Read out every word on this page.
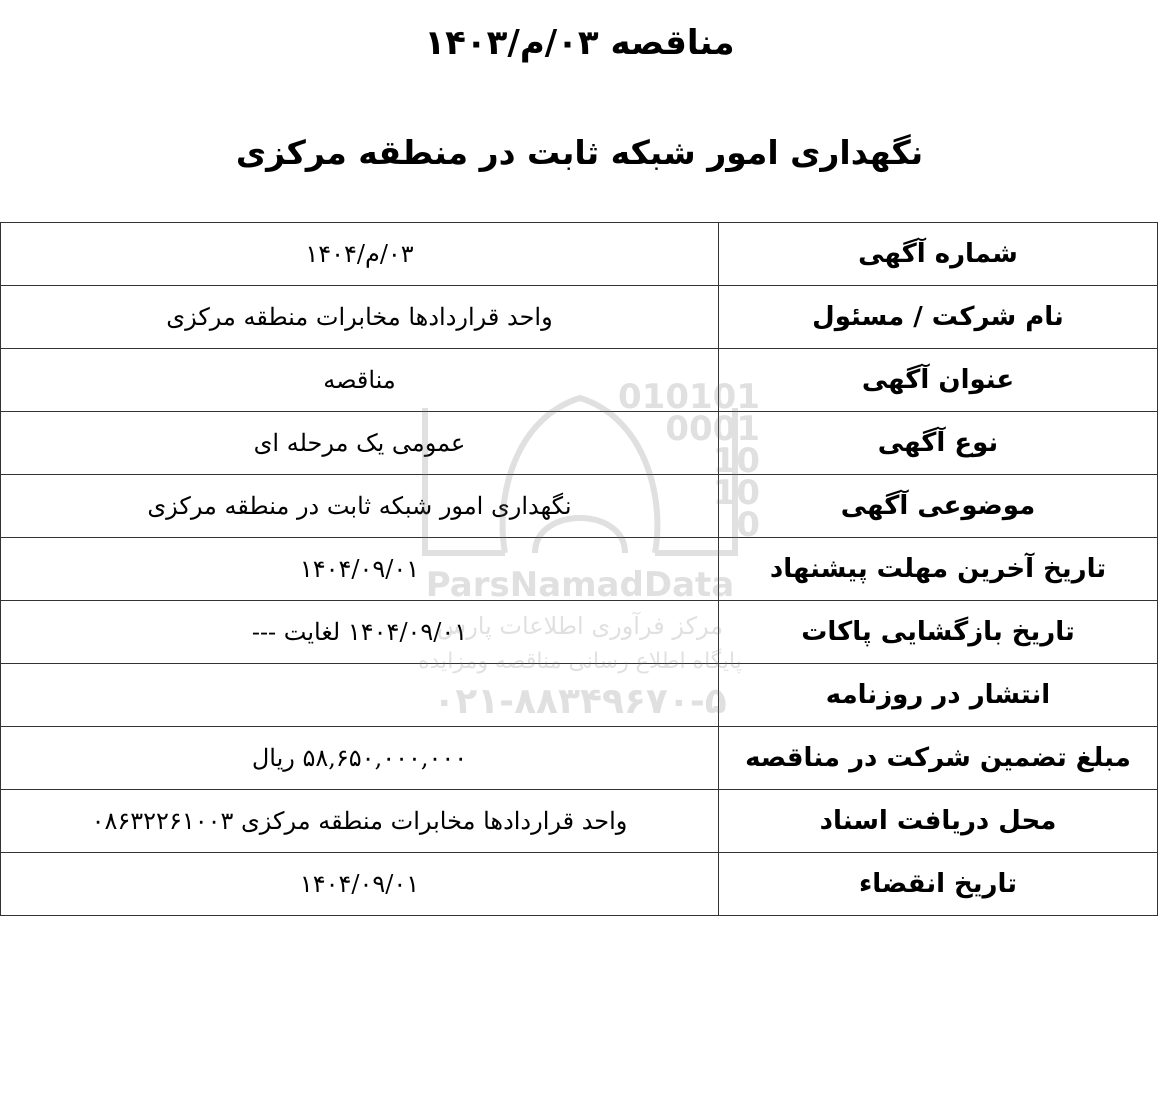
مناقصه ۰۳/م/۱۴۰۳
نگهداری امور شبکه ثابت در منطقه مرکزی
شماره آگهی	۰۳/م/۱۴۰۴
نام شرکت / مسئول	واحد قراردادها مخابرات منطقه مرکزی
عنوان آگهی	مناقصه
نوع آگهی	عمومی یک مرحله ای
موضوعی آگهی	نگهداری امور شبکه ثابت در منطقه مرکزی
تاریخ آخرین مهلت پیشنهاد	۱۴۰۴/۰۹/۰۱
تاریخ بازگشایی پاکات	۱۴۰۴/۰۹/۰۱ لغایت ---
انتشار در روزنامه	
مبلغ تضمین شرکت در مناقصه	۵۸,۶۵۰,۰۰۰,۰۰۰ ریال
محل دریافت اسناد	واحد قراردادها مخابرات منطقه مرکزی ۰۸۶۳۲۲۶۱۰۰۳
تاریخ انقضاء	۱۴۰۴/۰۹/۰۱
010101
0001
10
10
0
ParsNamadData
مرکز فرآوری اطلاعات پارس
پایگاه اطلاع رسانی مناقصه ومزایده
۰۲۱-۸۸۳۴۹۶۷۰-۵
